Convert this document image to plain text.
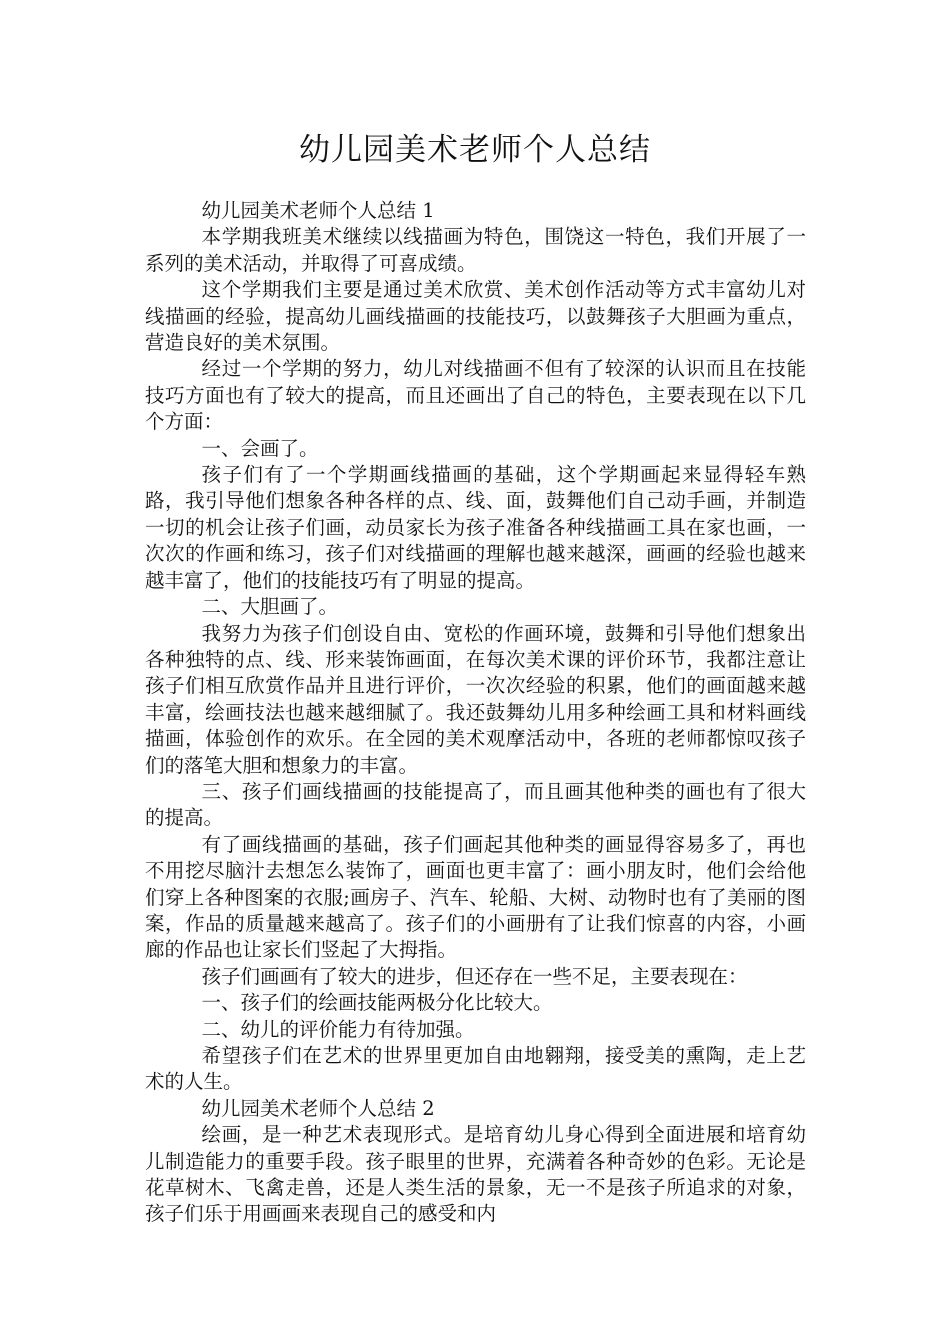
幼儿园美术老师个人总结

幼儿园美术老师个人总结 1

本学期我班美术继续以线描画为特色，围饶这一特色，我们开展了一系列的美术活动，并取得了可喜成绩。

这个学期我们主要是通过美术欣赏、美术创作活动等方式丰富幼儿对线描画的经验，提高幼儿画线描画的技能技巧，以鼓舞孩子大胆画为重点，营造良好的美术氛围。

经过一个学期的努力，幼儿对线描画不但有了较深的认识而且在技能技巧方面也有了较大的提高，而且还画出了自己的特色，主要表现在以下几个方面：

一、会画了。

孩子们有了一个学期画线描画的基础，这个学期画起来显得轻车熟路，我引导他们想象各种各样的点、线、面，鼓舞他们自己动手画，并制造一切的机会让孩子们画，动员家长为孩子准备各种线描画工具在家也画，一次次的作画和练习，孩子们对线描画的理解也越来越深，画画的经验也越来越丰富了，他们的技能技巧有了明显的提高。

二、大胆画了。

我努力为孩子们创设自由、宽松的作画环境，鼓舞和引导他们想象出各种独特的点、线、形来装饰画面，在每次美术课的评价环节，我都注意让孩子们相互欣赏作品并且进行评价，一次次经验的积累，他们的画面越来越丰富，绘画技法也越来越细腻了。我还鼓舞幼儿用多种绘画工具和材料画线描画，体验创作的欢乐。在全园的美术观摩活动中，各班的老师都惊叹孩子们的落笔大胆和想象力的丰富。

三、孩子们画线描画的技能提高了，而且画其他种类的画也有了很大的提高。

有了画线描画的基础，孩子们画起其他种类的画显得容易多了，再也不用挖尽脑汁去想怎么装饰了，画面也更丰富了：画小朋友时，他们会给他们穿上各种图案的衣服;画房子、汽车、轮船、大树、动物时也有了美丽的图案，作品的质量越来越高了。孩子们的小画册有了让我们惊喜的内容，小画廊的作品也让家长们竖起了大拇指。

孩子们画画有了较大的进步，但还存在一些不足，主要表现在：

一、孩子们的绘画技能两极分化比较大。

二、幼儿的评价能力有待加强。

希望孩子们在艺术的世界里更加自由地翱翔，接受美的熏陶，走上艺术的人生。

幼儿园美术老师个人总结 2

绘画，是一种艺术表现形式。是培育幼儿身心得到全面进展和培育幼儿制造能力的重要手段。孩子眼里的世界，充满着各种奇妙的色彩。无论是花草树木、飞禽走兽，还是人类生活的景象，无一不是孩子所追求的对象，孩子们乐于用画画来表现自己的感受和内
